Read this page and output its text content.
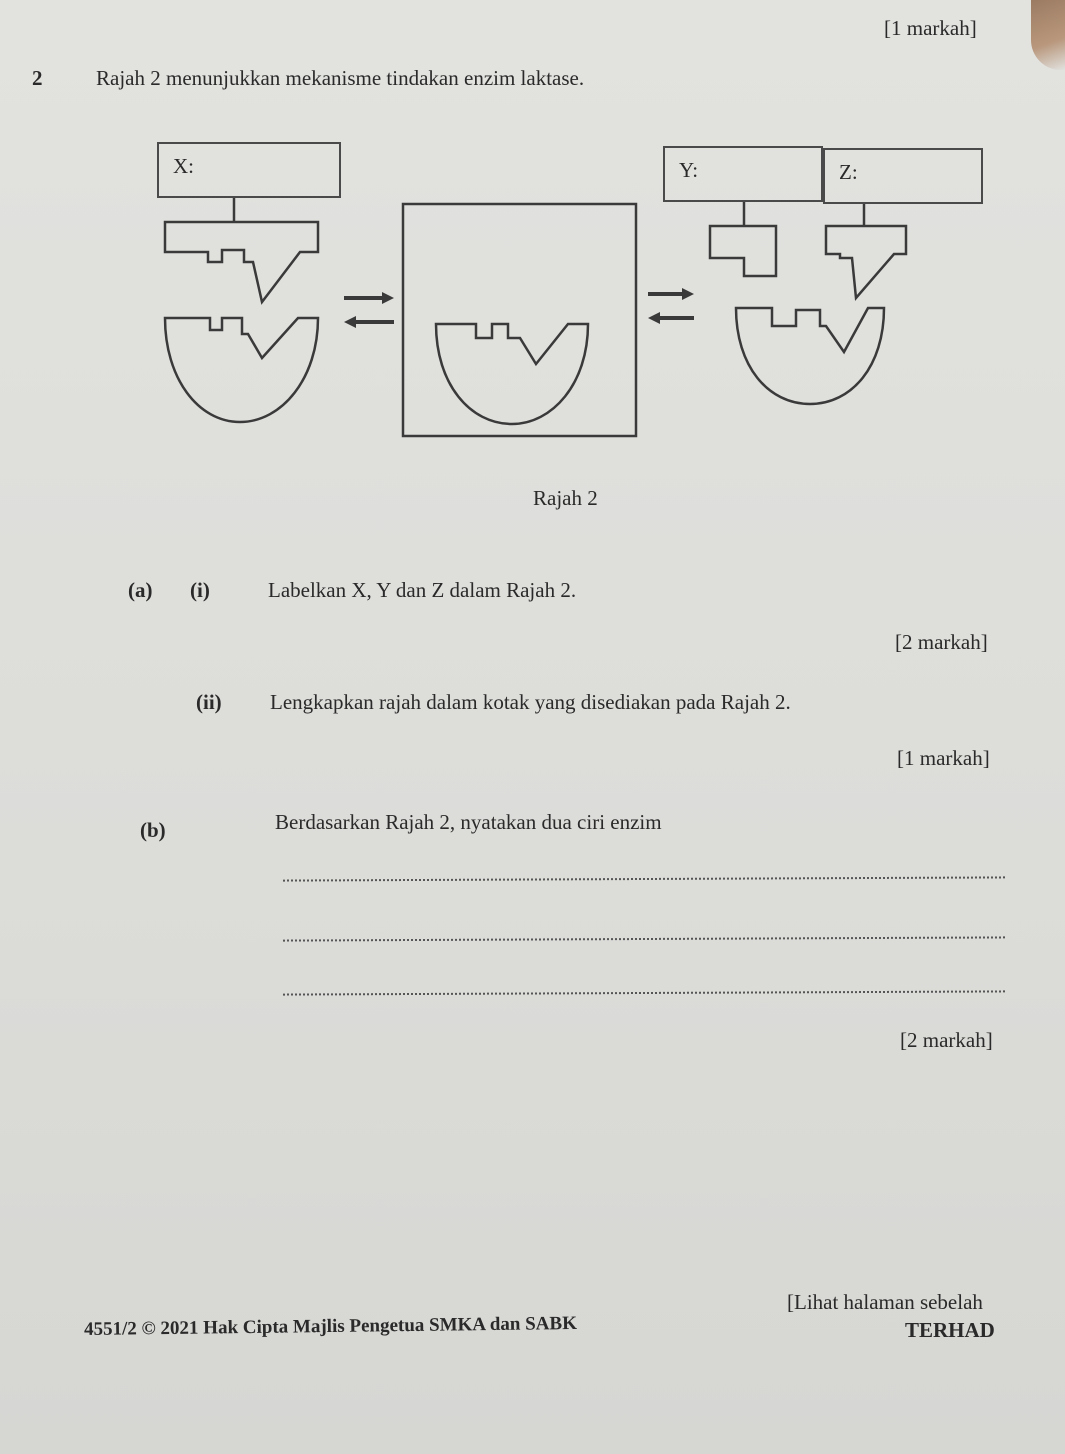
[1 markah]
2	Rajah 2 menunjukkan mekanisme tindakan enzim laktase.
X:	Y:	Z:
Rajah 2
(a) (i)	Labelkan X, Y dan Z dalam Rajah 2.
[2 markah]
(ii) Lengkapkan rajah dalam kotak yang disediakan pada Rajah 2.
[1 markah]
(b)	Berdasarkan Rajah 2, nyatakan dua ciri enzim
[2 markah]
4551/2 © 2021 Hak Cipta Majlis Pengetua SMKA dan SABK
[Lihat halaman sebelah
TERHAD
